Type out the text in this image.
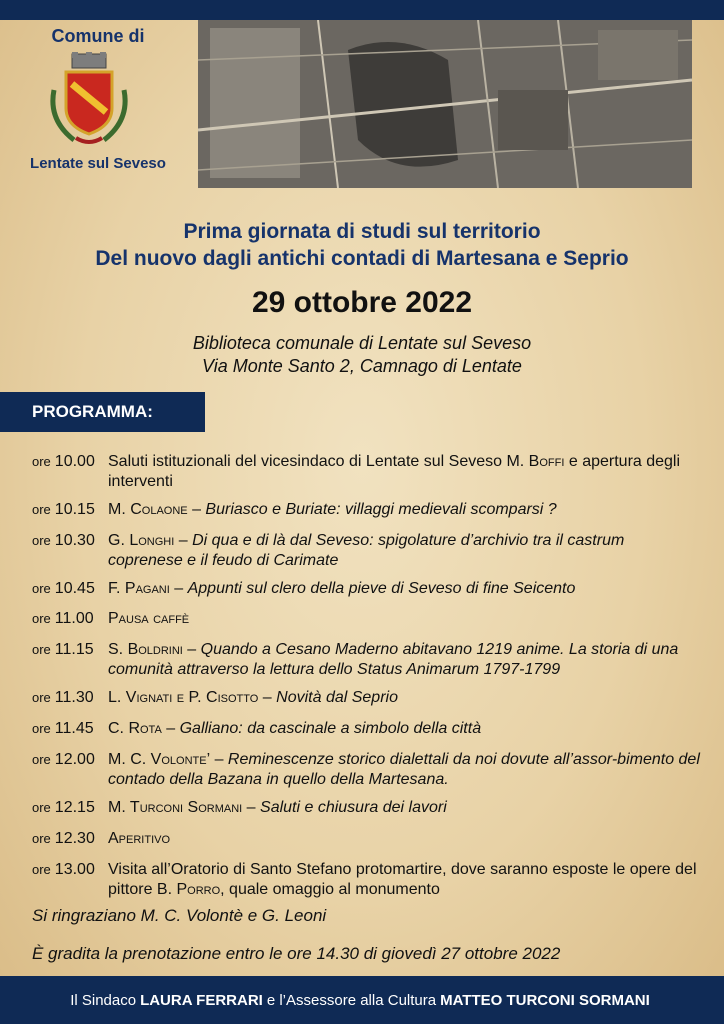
Comune di
Lentate sul Seveso
Prima giornata di studi sul territorio
Del nuovo dagli antichi contadi di Martesana e Seprio
29 ottobre 2022
Biblioteca comunale di Lentate sul Seveso
Via Monte Santo 2, Camnago di Lentate
PROGRAMMA:
ore 10.00 Saluti istituzionali del vicesindaco di Lentate sul Seveso M. Boffi e apertura degli interventi
ore 10.15 M. Colaone – Buriasco e Buriate: villaggi medievali scomparsi ?
ore 10.30 G. Longhi – Di qua e di là dal Seveso: spigolature d’archivio tra il castrum coprenese e il feudo di Carimate
ore 10.45 F. Pagani – Appunti sul clero della pieve di Seveso di fine Seicento
ore 11.00 Pausa caffè
ore 11.15 S. Boldrini – Quando a Cesano Maderno abitavano 1219 anime. La storia di una comunità attraverso la lettura dello Status Animarum 1797-1799
ore 11.30 L. Vignati e P. Cisotto – Novità dal Seprio
ore 11.45 C. Rota – Galliano: da cascinale a simbolo della città
ore 12.00 M. C. Volonte’ – Reminescenze storico dialettali da noi dovute all’assor-bimento del contado della Bazana in quello della Martesana.
ore 12.15 M. Turconi Sormani – Saluti e chiusura dei lavori
ore 12.30 Aperitivo
ore 13.00 Visita all’Oratorio di Santo Stefano protomartire, dove saranno esposte le opere del pittore B. Porro, quale omaggio al monumento
Si ringraziano M. C. Volontè e G. Leoni
È gradita la prenotazione entro le ore 14.30 di giovedì 27 ottobre 2022
Il Sindaco LAURA FERRARI e l’Assessore alla Cultura MATTEO TURCONI SORMANI
